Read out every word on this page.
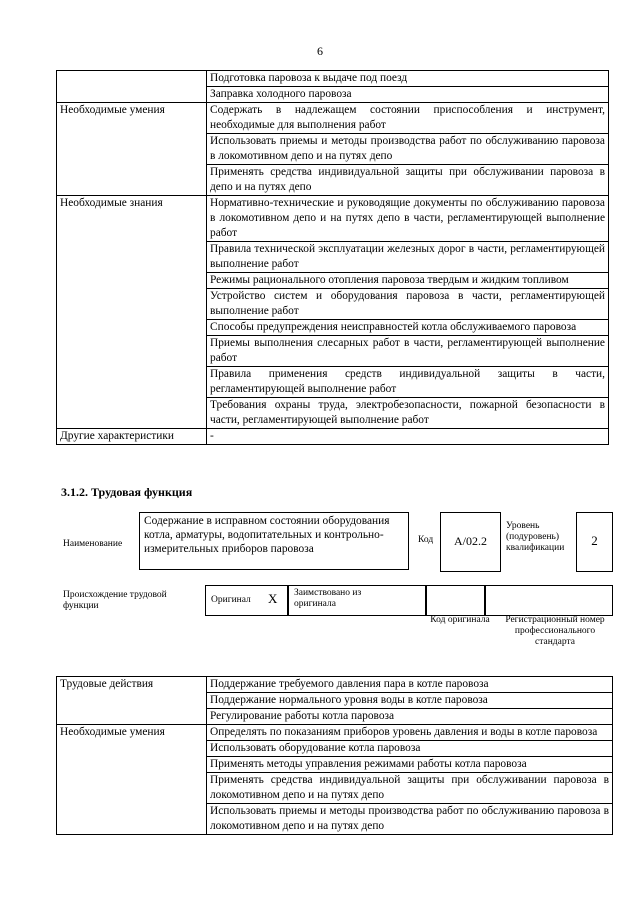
6
	Подготовка паровоза к выдаче под поезд
	Заправка холодного паровоза
Необходимые умения	Содержать в надлежащем состоянии приспособления и инструмент, необходимые для выполнения работ
	Использовать приемы и методы производства работ по обслуживанию паровоза в локомотивном депо и на путях депо
	Применять средства индивидуальной защиты при обслуживании паровоза в депо и на путях депо
Необходимые знания	Нормативно-технические и руководящие документы по обслуживанию паровоза в локомотивном депо и на путях депо в части, регламентирующей выполнение работ
	Правила технической эксплуатации железных дорог в части, регламентирующей выполнение работ
	Режимы рационального отопления паровоза твердым и жидким топливом
	Устройство систем и оборудования паровоза в части, регламентирующей выполнение работ
	Способы предупреждения неисправностей котла обслуживаемого паровоза
	Приемы выполнения слесарных работ в части, регламентирующей выполнение работ
	Правила применения средств индивидуальной защиты в части, регламентирующей выполнение работ
	Требования охраны труда, электробезопасности, пожарной безопасности в части, регламентирующей выполнение работ
Другие характеристики	-
3.1.2. Трудовая функция
Наименование
Содержание в исправном состоянии оборудования котла, арматуры, водопитательных и контрольно-измерительных приборов паровоза
Код	А/02.2
Уровень (подуровень) квалификации	2
Происхождение трудовой функции
Оригинал Х Заимствовано из оригинала
Код оригинала	Регистрационный номер профессионального стандарта
Трудовые действия	Поддержание требуемого давления пара в котле паровоза
	Поддержание нормального уровня воды в котле паровоза
	Регулирование работы котла паровоза
Необходимые умения	Определять по показаниям приборов уровень давления и воды в котле паровоза
	Использовать оборудование котла паровоза
	Применять методы управления режимами работы котла паровоза
	Применять средства индивидуальной защиты при обслуживании паровоза в локомотивном депо и на путях депо
	Использовать приемы и методы производства работ по обслуживанию паровоза в локомотивном депо и на путях депо
